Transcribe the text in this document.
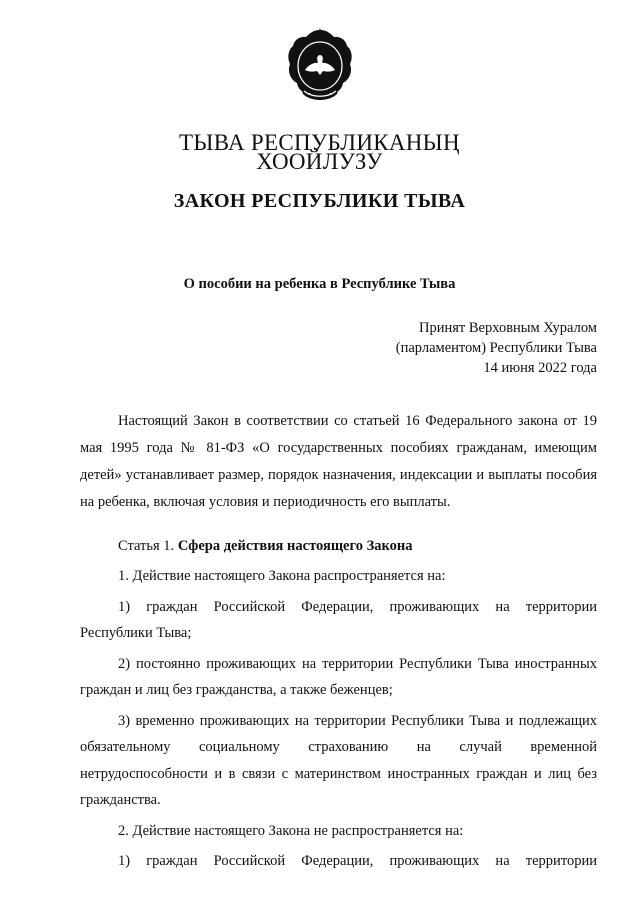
ТЫВА РЕСПУБЛИКАНЫҢ
ХООЙЛУЗУ
ЗАКОН РЕСПУБЛИКИ ТЫВА
О пособии на ребенка в Республике Тыва
Принят Верховным Хуралом
(парламентом) Республики Тыва
14 июня 2022 года

Настоящий Закон в соответствии со статьей 16 Федерального закона от 19 мая 1995 года № 81-ФЗ «О государственных пособиях гражданам, имеющим детей» устанавливает размер, порядок назначения, индексации и выплаты пособия на ребенка, включая условия и периодичность его выплаты.

Статья 1. Сфера действия настоящего Закона

1. Действие настоящего Закона распространяется на:

1) граждан Российской Федерации, проживающих на территории Республики Тыва;

2) постоянно проживающих на территории Республики Тыва иностранных граждан и лиц без гражданства, а также беженцев;

3) временно проживающих на территории Республики Тыва и подлежащих обязательному социальному страхованию на случай временной нетрудоспособности и в связи с материнством иностранных граждан и лиц без гражданства.

2. Действие настоящего Закона не распространяется на:

1) граждан Российской Федерации, проживающих на территории
